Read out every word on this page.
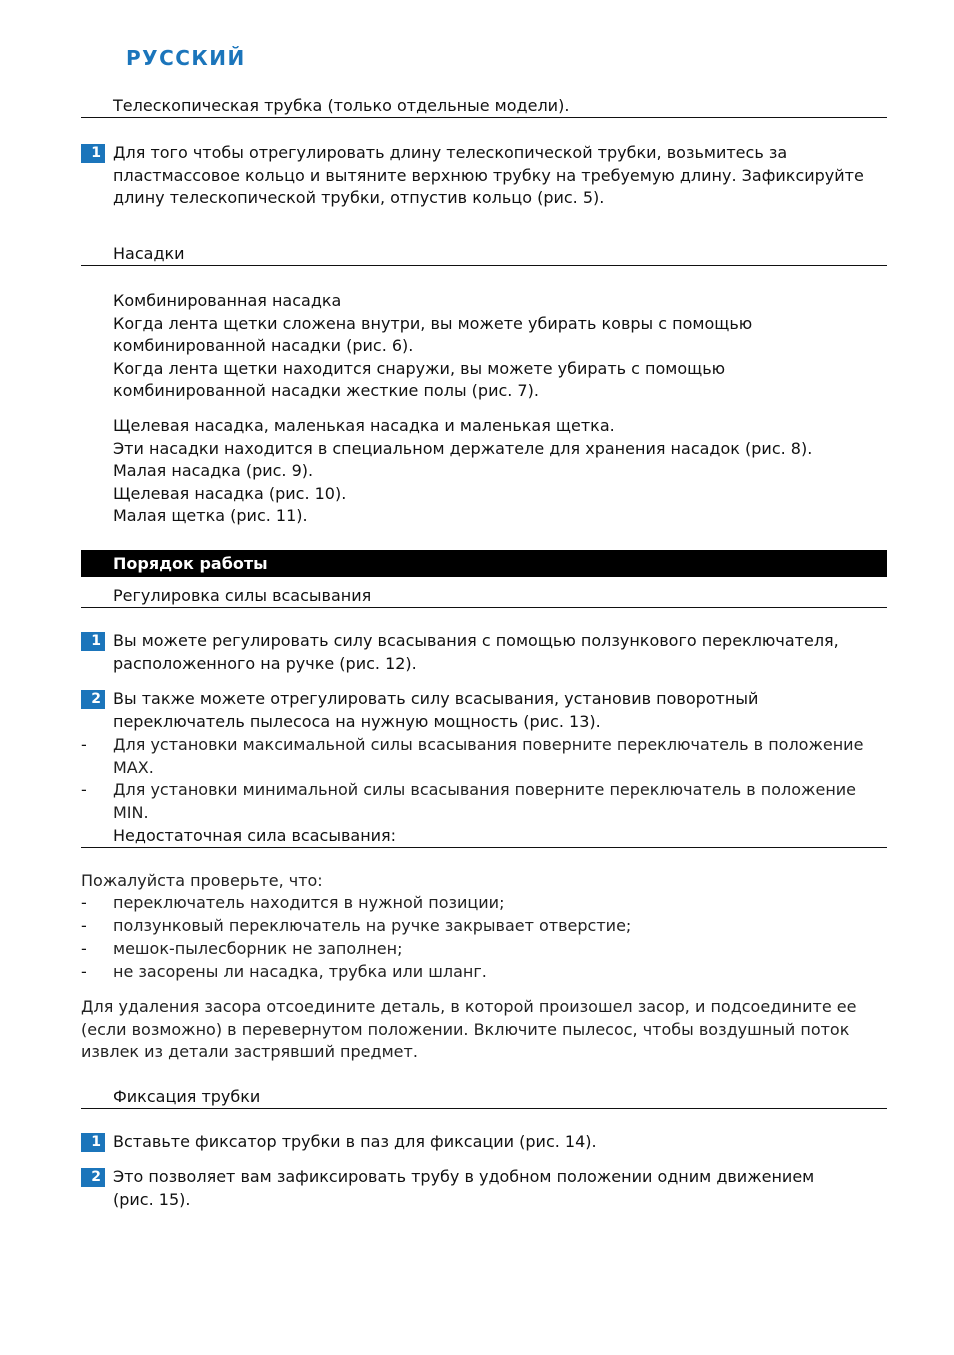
РУССКИЙ
Телескопическая трубка (только отдельные модели).
1 Для того чтобы отрегулировать длину телескопической трубки, возьмитесь за
пластмассовое кольцо и вытяните верхнюю трубку на требуемую длину. Зафиксируйте
длину телескопической трубки, отпустив кольцо (рис. 5).

Насадки

Комбинированная насадка
Когда лента щетки сложена внутри, вы можете убирать ковры с помощью
комбинированной насадки (рис. 6).
Когда лента щетки находится снаружи, вы можете убирать с помощью
комбинированной насадки жесткие полы (рис. 7).

Щелевая насадка, маленькая насадка и маленькая щетка.
Эти насадки находится в специальном держателе для хранения насадок (рис. 8).
Малая насадка (рис. 9).
Щелевая насадка (рис. 10).
Малая щетка (рис. 11).

Порядок работы
Регулировка силы всасывания
1 Вы можете регулировать силу всасывания с помощью ползункового переключателя,
расположенного на ручке (рис. 12).

2 Вы также можете отрегулировать силу всасывания, установив поворотный
переключатель пылесоса на нужную мощность (рис. 13).

- Для установки максимальной силы всасывания поверните переключатель в положение
MAX.

- Для установки минимальной силы всасывания поверните переключатель в положение MIN.

Недостаточная сила всасывания:

Пожалуйста проверьте, что:

- переключатель находится в нужной позиции;

- ползунковый переключатель на ручке закрывает отверстие;

- мешок-пылесборник не заполнен;

- не засорены ли насадка, трубка или шланг.

Для удаления засора отсоедините деталь, в которой произошел засор, и подсоедините ее
(если возможно) в перевернутом положении. Включите пылесос, чтобы воздушный поток
извлек из детали застрявший предмет.

Фиксация трубки
1 Вставьте фиксатор трубки в паз для фиксации (рис. 14).

2 Это позволяет вам зафиксировать трубу в удобном положении одним движением
(рис. 15).
